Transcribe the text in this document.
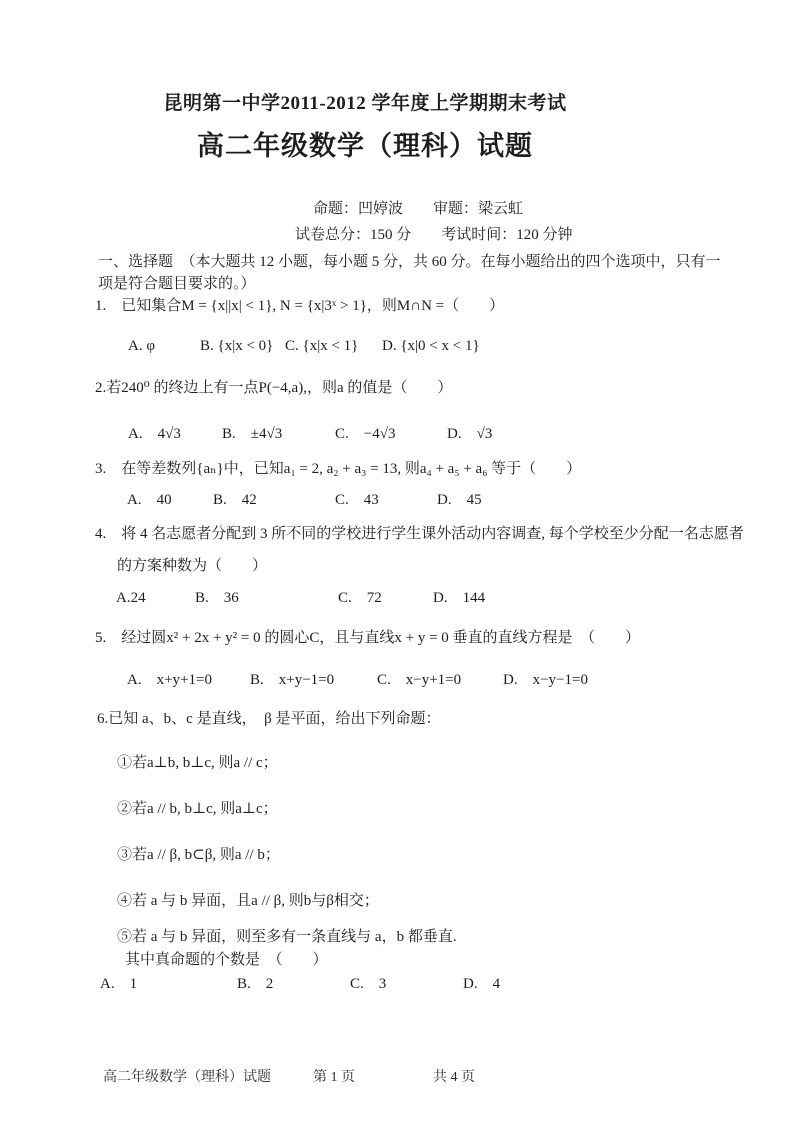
昆明第一中学2011-2012 学年度上学期期末考试
高二年级数学（理科）试题
命题：凹婷波　　审题：梁云虹
试卷总分：150 分　　考试时间：120 分钟
一、选择题　（本大题共 12 小题，每小题 5 分，共 60 分。在每小题给出的四个选项中，只有一
项是符合题目要求的。）
1.　已知集合M = {x||x| < 1}, N = {x|3ˣ > 1}，则M∩N =（　　）
A. φ	B. {x|x < 0} C. {x|x < 1}	D. {x|0 < x < 1}
2.若240⁰ 的终边上有一点P(−4,a),，则a 的值是（　　）
A.　4√3	B.　±4√3	C.　−4√3	D.　√3
3.　在等差数列{aₙ}中，已知a₁ = 2, a₂ + a₃ = 13, 则a₄ + a₅ + a₆ 等于（　　）
A.　40	B.　42	C.　43	D.　45
4.　将 4 名志愿者分配到 3 所不同的学校进行学生课外活动内容调查, 每个学校至少分配一名志愿者
的方案种数为（　　）
A.24	B.　36	C.　72	D.　144
5.　经过圆x² + 2x + y² = 0 的圆心C，且与直线x + y = 0 垂直的直线方程是　（　　）
A.　x+y+1=0	B.　x+y−1=0	C.　x−y+1=0	D.　x−y−1=0
6.已知 a、b、c 是直线，　β 是平面，给出下列命题：
①若a⊥b, b⊥c, 则a // c；
②若a // b, b⊥c, 则a⊥c；
③若a // β, b⊂β, 则a // b；
④若 a 与 b 异面，且a // β, 则b与β相交；
⑤若 a 与 b 异面，则至多有一条直线与 a，b 都垂直.
其中真命题的个数是　（　　）
A.　1	B.　2	C.　3	D.　4
高二年级数学（理科）试题	第 1 页	共 4 页
